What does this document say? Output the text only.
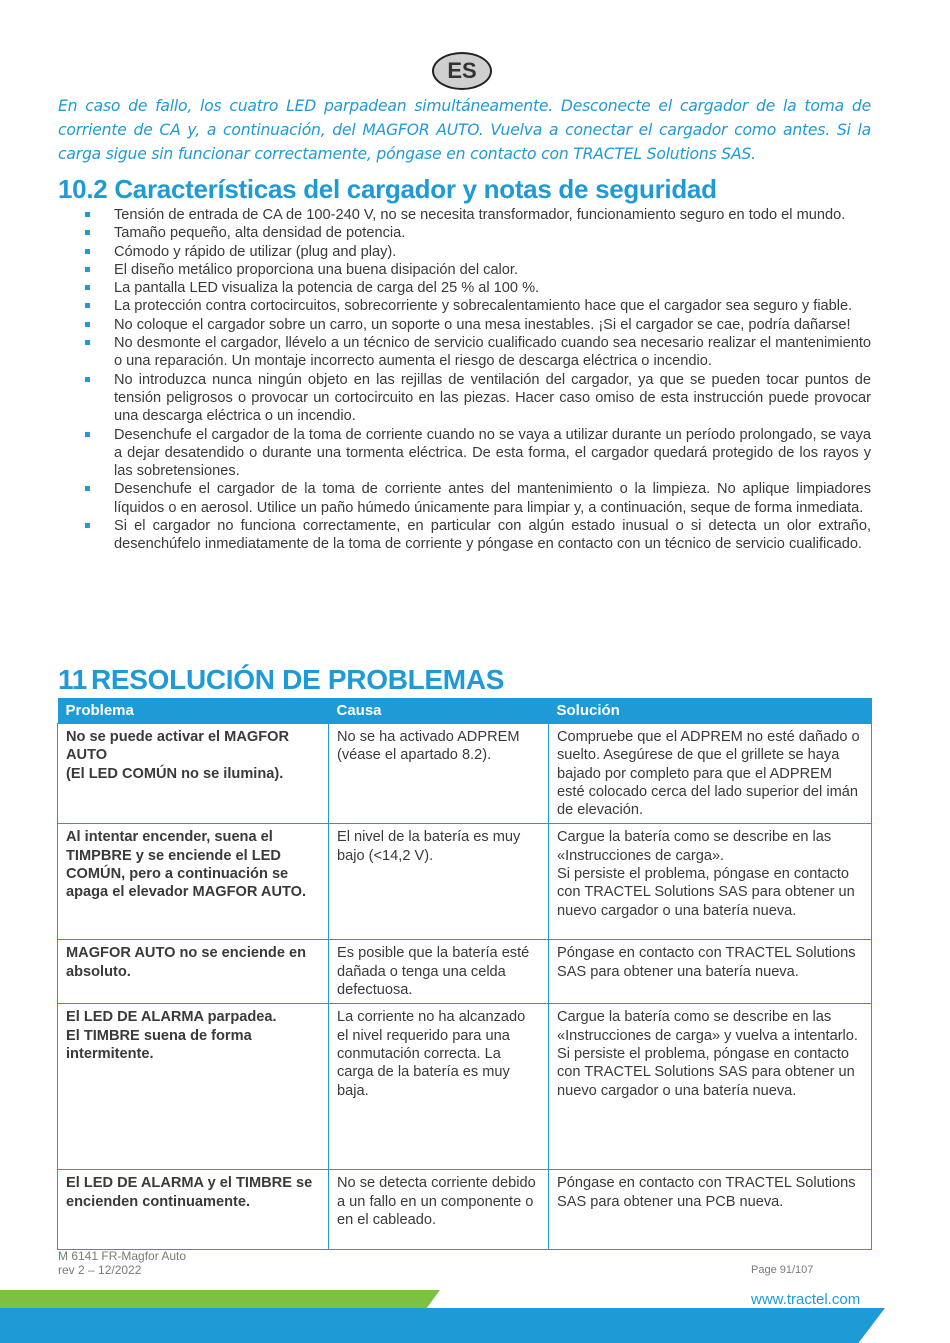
ES

En caso de fallo, los cuatro LED parpadean simultáneamente. Desconecte el cargador de la toma de corriente de CA y, a continuación, del MAGFOR AUTO. Vuelva a conectar el cargador como antes. Si la carga sigue sin funcionar correctamente, póngase en contacto con TRACTEL Solutions SAS.

10.2 Características del cargador y notas de seguridad
Tensión de entrada de CA de 100-240 V, no se necesita transformador, funcionamiento seguro en todo el mundo.
Tamaño pequeño, alta densidad de potencia.
Cómodo y rápido de utilizar (plug and play).
El diseño metálico proporciona una buena disipación del calor.
La pantalla LED visualiza la potencia de carga del 25 % al 100 %.
La protección contra cortocircuitos, sobrecorriente y sobrecalentamiento hace que el cargador sea seguro y fiable.
No coloque el cargador sobre un carro, un soporte o una mesa inestables. ¡Si el cargador se cae, podría dañarse!
No desmonte el cargador, llévelo a un técnico de servicio cualificado cuando sea necesario realizar el mantenimiento o una reparación. Un montaje incorrecto aumenta el riesgo de descarga eléctrica o incendio.
No introduzca nunca ningún objeto en las rejillas de ventilación del cargador, ya que se pueden tocar puntos de tensión peligrosos o provocar un cortocircuito en las piezas. Hacer caso omiso de esta instrucción puede provocar una descarga eléctrica o un incendio.
Desenchufe el cargador de la toma de corriente cuando no se vaya a utilizar durante un período prolongado, se vaya a dejar desatendido o durante una tormenta eléctrica. De esta forma, el cargador quedará protegido de los rayos y las sobretensiones.
Desenchufe el cargador de la toma de corriente antes del mantenimiento o la limpieza. No aplique limpiadores líquidos o en aerosol. Utilice un paño húmedo únicamente para limpiar y, a continuación, seque de forma inmediata.
Si el cargador no funciona correctamente, en particular con algún estado inusual o si detecta un olor extraño, desenchúfelo inmediatamente de la toma de corriente y póngase en contacto con un técnico de servicio cualificado.
11 RESOLUCIÓN DE PROBLEMAS
Problema	Causa	Solución

No se puede activar el MAGFOR AUTO
(El LED COMÚN no se ilumina).	No se ha activado ADPREM (véase el apartado 8.2).	Compruebe que el ADPREM no esté dañado o suelto. Asegúrese de que el grillete se haya bajado por completo para que el ADPREM esté colocado cerca del lado superior del imán de elevación.

Al intentar encender, suena el TIMPBRE y se enciende el LED COMÚN, pero a continuación se apaga el elevador MAGFOR AUTO.	El nivel de la batería es muy bajo (<14,2 V).	Cargue la batería como se describe en las «Instrucciones de carga».
Si persiste el problema, póngase en contacto con TRACTEL Solutions SAS para obtener un nuevo cargador o una batería nueva.

MAGFOR AUTO no se enciende en absoluto.	Es posible que la batería esté dañada o tenga una celda defectuosa.	Póngase en contacto con TRACTEL Solutions SAS para obtener una batería nueva.

El LED DE ALARMA parpadea.
El TIMBRE suena de forma intermitente.	La corriente no ha alcanzado el nivel requerido para una conmutación correcta. La carga de la batería es muy baja.	Cargue la batería como se describe en las «Instrucciones de carga» y vuelva a intentarlo.
Si persiste el problema, póngase en contacto con TRACTEL Solutions SAS para obtener un nuevo cargador o una batería nueva.

El LED DE ALARMA y el TIMBRE se encienden continuamente.	No se detecta corriente debido a un fallo en un componente o en el cableado.	Póngase en contacto con TRACTEL Solutions SAS para obtener una PCB nueva.
M 6141 FR-Magfor Auto
rev 2 – 12/2022	Page 91/107
www.tractel.com
